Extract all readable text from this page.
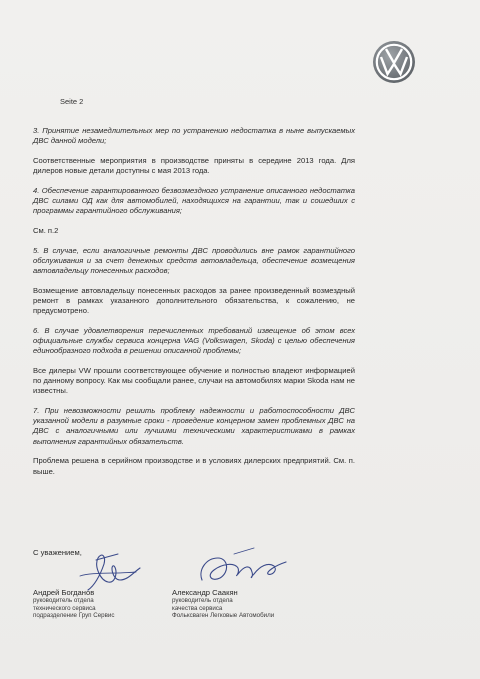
Seite 2

3. Принятие незамедлительных мер по устранению недостатка в ныне выпускаемых ДВС данной модели;

Соответственные мероприятия в производстве приняты в середине 2013 года. Для дилеров новые детали доступны с мая 2013 года.

4. Обеспечение гарантированного безвозмездного устранение описанного недостатка ДВС силами ОД как для автомобилей, находящихся на гарантии, так и сошедших с программы гарантийного обслуживания;

См. п.2

5. В случае, если аналогичные ремонты ДВС проводились вне рамок гарантийного обслуживания и за счет денежных средств автовладельца, обеспечение возмещения автовладельцу понесенных расходов;

Возмещение автовладельцу понесенных расходов за ранее произведенный возмездный ремонт в рамках указанного дополнительного обязательства, к сожалению, не предусмотрено.

6. В случае удовлетворения перечисленных требований извещение об этом всех официальные службы сервиса концерна VAG (Volkswagen, Skoda) с целью обеспечения единообразного подхода в решении описанной проблемы;

Все дилеры VW прошли соответствующее обучение и полностью владеют информацией по данному вопросу. Как мы сообщали ранее, случаи на автомобилях марки Skoda нам не известны.

7. При невозможности решить проблему надежности и работоспособности ДВС указанной модели в разумные сроки - проведение концерном замен проблемных ДВС на ДВС с аналогичными или лучшими техническими характеристиками в рамках выполнения гарантийных обязательств.

Проблема решена в серийном производстве и в условиях дилерских предприятий. См. п. выше.

С уважением,
Андрей Богданов
руководитель отдела
технического сервиса
подразделение Груп Сервис
Александр Саакян
руководитель отдела
качества сервиса
Фольксваген Легковые Автомобили
